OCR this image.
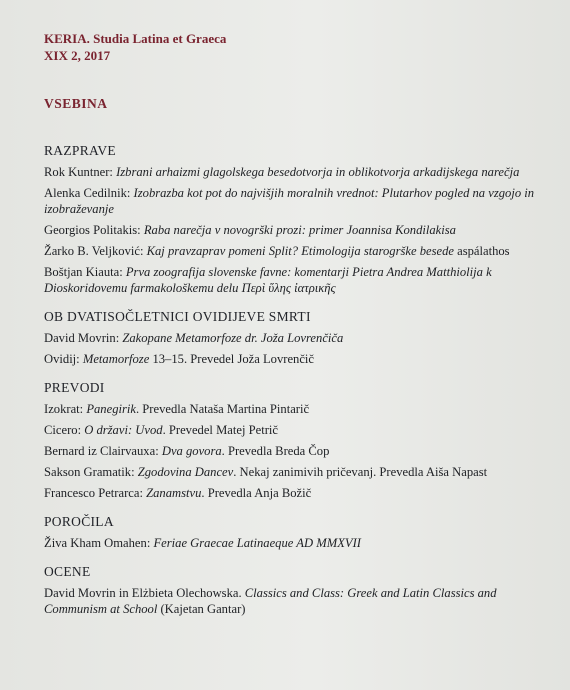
KERIA. Studia Latina et Graeca
XIX 2, 2017
VSEBINA
RAZPRAVE
Rok Kuntner: Izbrani arhaizmi glagolskega besedotvorja in oblikotvorja arkadijskega narečja
Alenka Cedilnik: Izobrazba kot pot do najvišjih moralnih vrednot: Plutarhov pogled na vzgojo in izobraževanje
Georgios Politakis: Raba narečja v novogrški prozi: primer Joannisa Kondilakisa
Žarko B. Veljković: Kaj pravzaprav pomeni Split? Etimologija starogrške besede aspálathos
Boštjan Kiauta: Prva zoografija slovenske favne: komentarji Pietra Andrea Matthiolija k Dioskoridovemu farmakološkemu delu Περὶ ὕλης ἰατρικῆς
OB DVATISOČLETNICI OVIDIJEVE SMRTI
David Movrin: Zakopane Metamorfoze dr. Joža Lovrenčiča
Ovidij: Metamorfoze 13–15. Prevedel Joža Lovrenčič
PREVODI
Izokrat: Panegirik. Prevedla Nataša Martina Pintarič
Cicero: O državi: Uvod. Prevedel Matej Petrič
Bernard iz Clairvauxa: Dva govora. Prevedla Breda Čop
Sakson Gramatik: Zgodovina Dancev. Nekaj zanimivih pričevanj. Prevedla Aiša Napast
Francesco Petrarca: Zanamstvu. Prevedla Anja Božič
POROČILA
Živa Kham Omahen: Feriae Graecae Latinaeque AD MMXVII
OCENE
David Movrin in Elżbieta Olechowska. Classics and Class: Greek and Latin Classics and Communism at School (Kajetan Gantar)
